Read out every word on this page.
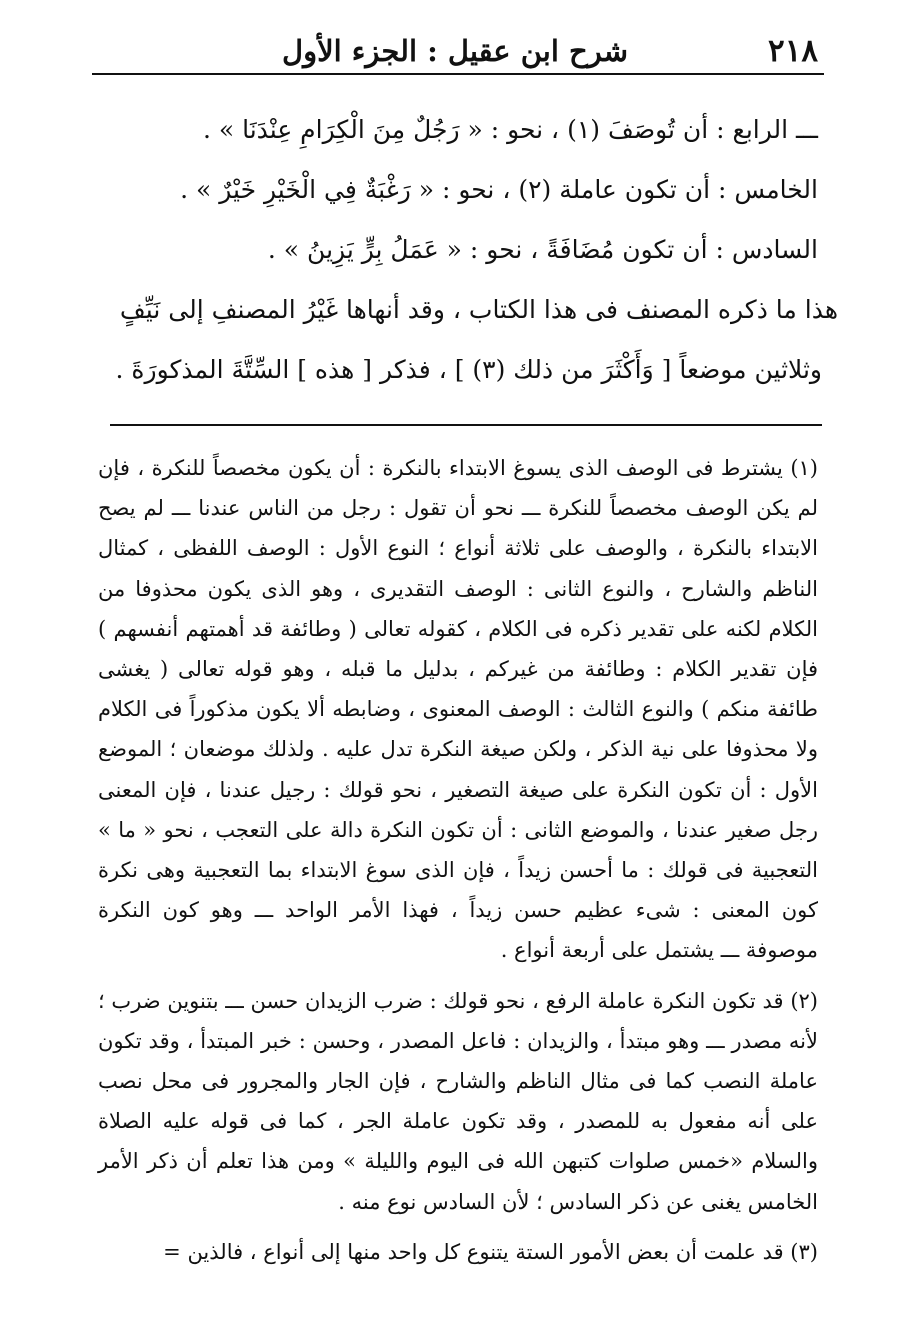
٢١٨
شرح ابن عقيل : الجزء الأول
ـــ الرابع : أن تُوصَفَ (١) ، نحو : « رَجُلٌ مِنَ الْكِرَامِ عِنْدَنَا » .
الخامس : أن تكون عاملة (٢) ، نحو : « رَغْبَةٌ فِي الْخَيْرِ خَيْرٌ » .
السادس : أن تكون مُضَافَةً ، نحو : « عَمَلُ بِرٍّ يَزِينُ » .
هذا ما ذكره المصنف فى هذا الكتاب ، وقد أنهاها غَيْرُ المصنفِ إلى نَيِّفٍ
وثلاثين موضعاً [ وَأَكْثَرَ من ذلك (٣) ] ، فذكر [ هذه ] السِّتَّةَ المذكورَةَ .

(١) يشترط فى الوصف الذى يسوغ الابتداء بالنكرة : أن يكون مخصصاً للنكرة ، فإن لم يكن الوصف مخصصاً للنكرة ـــ نحو أن تقول : رجل من الناس عندنا ـــ لم يصح الابتداء بالنكرة ، والوصف على ثلاثة أنواع ؛ النوع الأول : الوصف اللفظى ، كمثال الناظم والشارح ، والنوع الثانى : الوصف التقديرى ، وهو الذى يكون محذوفا من الكلام لكنه على تقدير ذكره فى الكلام ، كقوله تعالى ( وطائفة قد أهمتهم أنفسهم ) فإن تقدير الكلام : وطائفة من غيركم ، بدليل ما قبله ، وهو قوله تعالى ( يغشى طائفة منكم ) والنوع الثالث : الوصف المعنوى ، وضابطه ألا يكون مذكوراً فى الكلام ولا محذوفا على نية الذكر ، ولكن صيغة النكرة تدل عليه . ولذلك موضعان ؛ الموضع الأول : أن تكون النكرة على صيغة التصغير ، نحو قولك : رجيل عندنا ، فإن المعنى رجل صغير عندنا ، والموضع الثانى : أن تكون النكرة دالة على التعجب ، نحو « ما » التعجبية فى قولك : ما أحسن زيداً ، فإن الذى سوغ الابتداء بما التعجبية وهى نكرة كون المعنى : شىء عظيم حسن زيداً ، فهذا الأمر الواحد ـــ وهو كون النكرة موصوفة ـــ يشتمل على أربعة أنواع .

(٢) قد تكون النكرة عاملة الرفع ، نحو قولك : ضرب الزيدان حسن ـــ بتنوين ضرب ؛ لأنه مصدر ـــ وهو مبتدأ ، والزيدان : فاعل المصدر ، وحسن : خبر المبتدأ ، وقد تكون عاملة النصب كما فى مثال الناظم والشارح ، فإن الجار والمجرور فى محل نصب على أنه مفعول به للمصدر ، وقد تكون عاملة الجر ، كما فى قوله عليه الصلاة والسلام «خمس صلوات كتبهن الله فى اليوم والليلة » ومن هذا تعلم أن ذكر الأمر الخامس يغنى عن ذكر السادس ؛ لأن السادس نوع منه .

(٣) قد علمت أن بعض الأمور الستة يتنوع كل واحد منها إلى أنواع ، فالذين =
